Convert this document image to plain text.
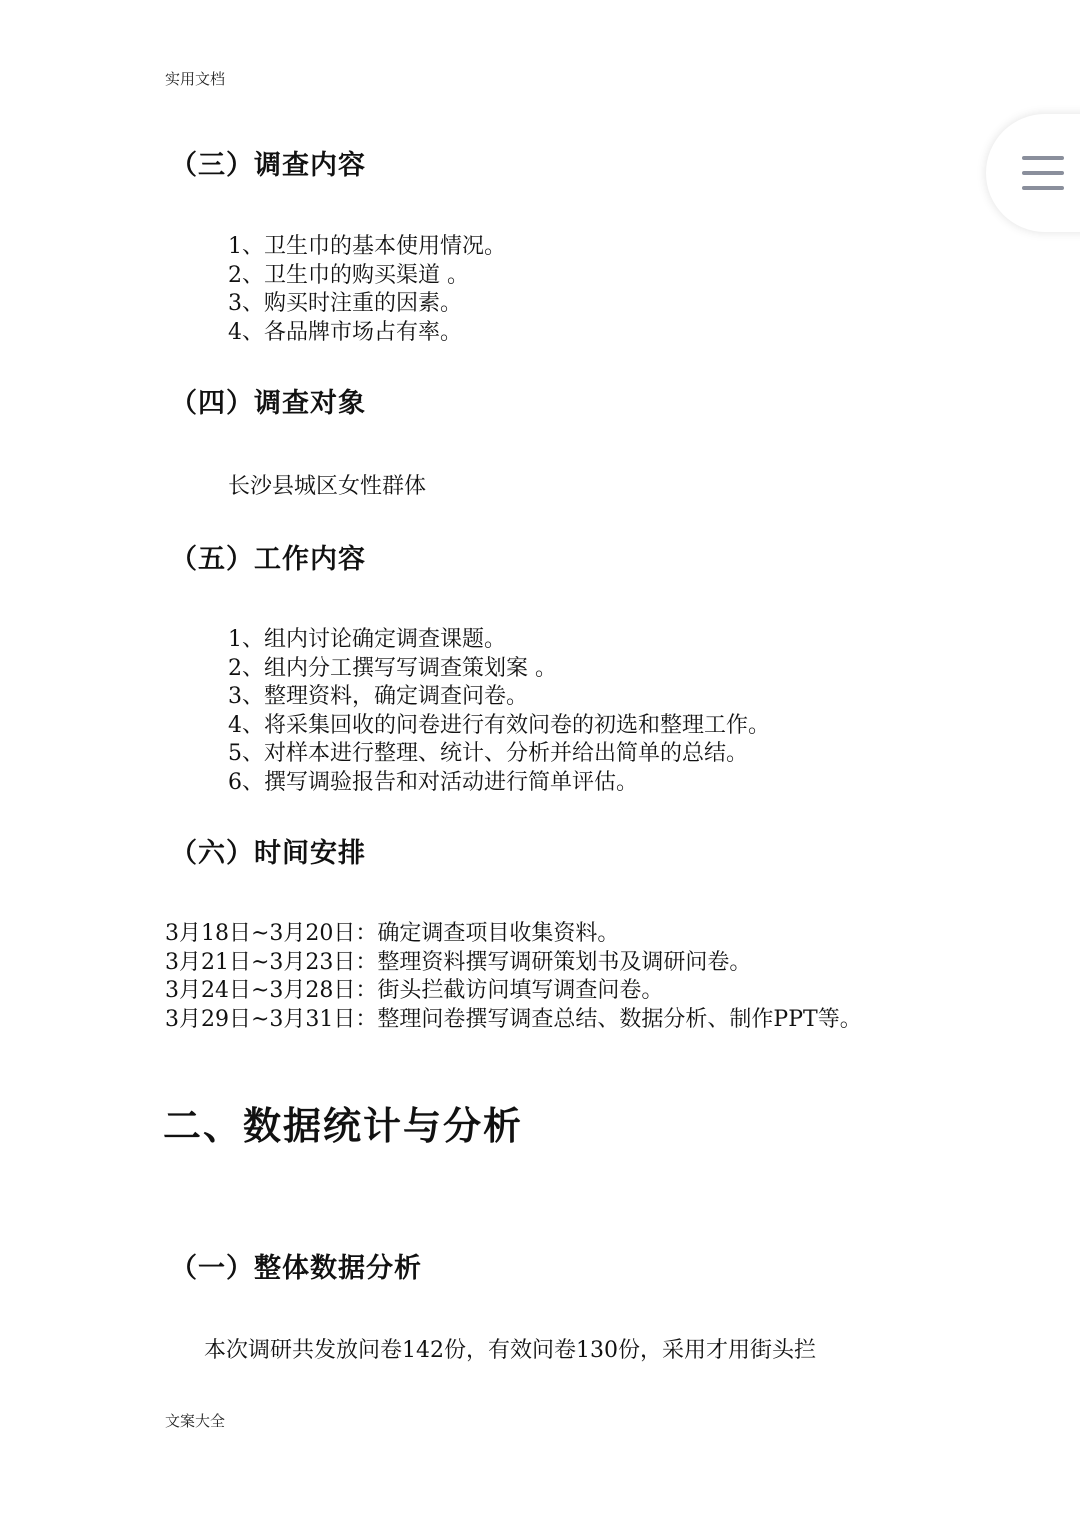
实用文档
（三）调查内容
1、卫生巾的基本使用情况。
2、卫生巾的购买渠道 。
3、购买时注重的因素。
4、各品牌市场占有率。
（四）调查对象

长沙县城区女性群体

（五）工作内容
1、组内讨论确定调查课题。
2、组内分工撰写写调查策划案 。
3、整理资料，确定调查问卷。
4、将采集回收的问卷进行有效问卷的初选和整理工作。
5、对样本进行整理、统计、分析并给出简单的总结。
6、撰写调验报告和对活动进行简单评估。
（六）时间安排
3月18日~3月20日：确定调查项目收集资料。
3月21日~3月23日：整理资料撰写调研策划书及调研问卷。
3月24日~3月28日：街头拦截访问填写调查问卷。
3月29日~3月31日：整理问卷撰写调查总结、数据分析、制作PPT等。
二、数据统计与分析
（一）整体数据分析

本次调研共发放问卷142份，有效问卷130份，采用才用街头拦

文案大全
